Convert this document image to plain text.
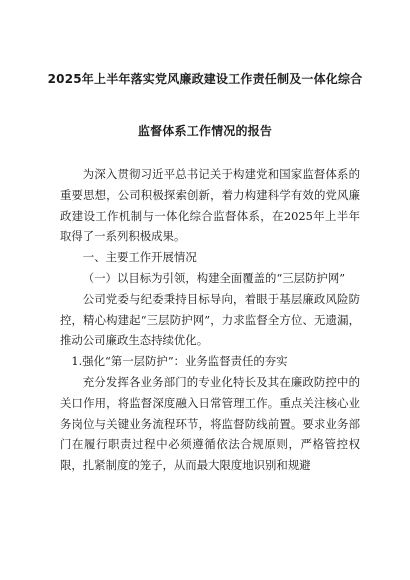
2025年上半年落实党风廉政建设工作责任制及一体化综合
监督体系工作情况的报告

为深入贯彻习近平总书记关于构建党和国家监督体系的重要思想，公司积极探索创新，着力构建科学有效的党风廉政建设工作机制与一体化综合监督体系，在2025年上半年取得了一系列积极成果。

一、主要工作开展情况

（一）以目标为引领，构建全面覆盖的“三层防护网”

公司党委与纪委秉持目标导向，着眼于基层廉政风险防控，精心构建起“三层防护网”，力求监督全方位、无遗漏，推动公司廉政生态持续优化。

1.强化“第一层防护”：业务监督责任的夯实

充分发挥各业务部门的专业化特长及其在廉政防控中的关口作用，将监督深度融入日常管理工作。重点关注核心业务岗位与关键业务流程环节，将监督防线前置。要求业务部门在履行职责过程中必须遵循依法合规原则，严格管控权限，扎紧制度的笼子，从而最大限度地识别和规避
